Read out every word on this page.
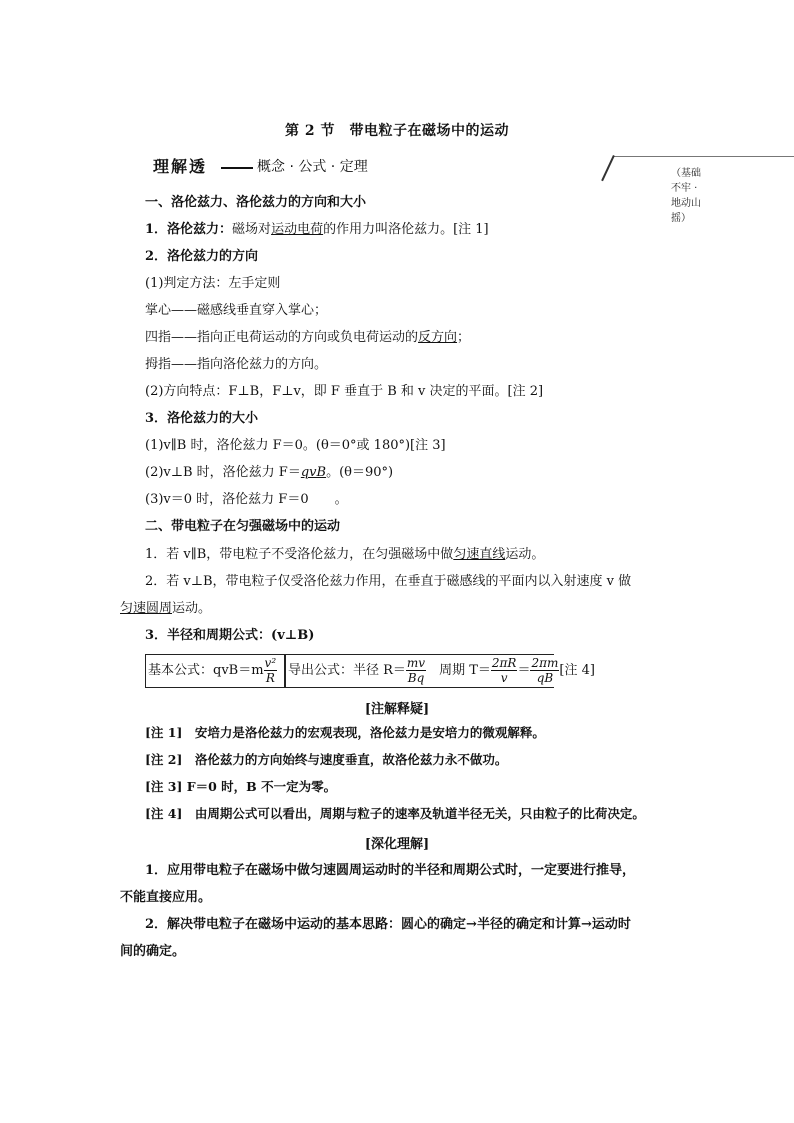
第 2 节　带电粒子在磁场中的运动
理解透	概念 · 公式 · 定理	（基础不牢 · 地动山摇）
一、洛伦兹力、洛伦兹力的方向和大小
1．洛伦兹力：磁场对运动电荷的作用力叫洛伦兹力。[注 1]
2．洛伦兹力的方向
(1)判定方法：左手定则
掌心——磁感线垂直穿入掌心；
四指——指向正电荷运动的方向或负电荷运动的反方向；
拇指——指向洛伦兹力的方向。
(2)方向特点：F⊥B，F⊥v，即 F 垂直于 B 和 v 决定的平面。[注 2]
3．洛伦兹力的大小
(1)v∥B 时，洛伦兹力 F＝0。(θ＝0°或 180°)[注 3]
(2)v⊥B 时，洛伦兹力 F＝qvB。(θ＝90°)
(3)v＝0 时，洛伦兹力 F＝0　　。
二、带电粒子在匀强磁场中的运动
1．若 v∥B，带电粒子不受洛伦兹力，在匀强磁场中做匀速直线运动。
2．若 v⊥B，带电粒子仅受洛伦兹力作用，在垂直于磁感线的平面内以入射速度 v 做
匀速圆周运动。
3．半径和周期公式：(v⊥B)
基本公式：$qvB=m \frac{\text{v²}}{R}$ 导出公式：半径 $R= \frac{mv}{Bq}$ 　周期 $T= \frac{2\pi R}{v} = \frac{2\pi m}{qB}$ [注 4]
[注解释疑]
[注 1]　安培力是洛伦兹力的宏观表现，洛伦兹力是安培力的微观解释。
[注 2]　洛伦兹力的方向始终与速度垂直，故洛伦兹力永不做功。
[注 3] F＝0 时，B 不一定为零。
[注 4]　由周期公式可以看出，周期与粒子的速率及轨道半径无关，只由粒子的比荷决定。
[深化理解]
1．应用带电粒子在磁场中做匀速圆周运动时的半径和周期公式时，一定要进行推导，
不能直接应用。
2．解决带电粒子在磁场中运动的基本思路：圆心的确定→半径的确定和计算→运动时
间的确定。
